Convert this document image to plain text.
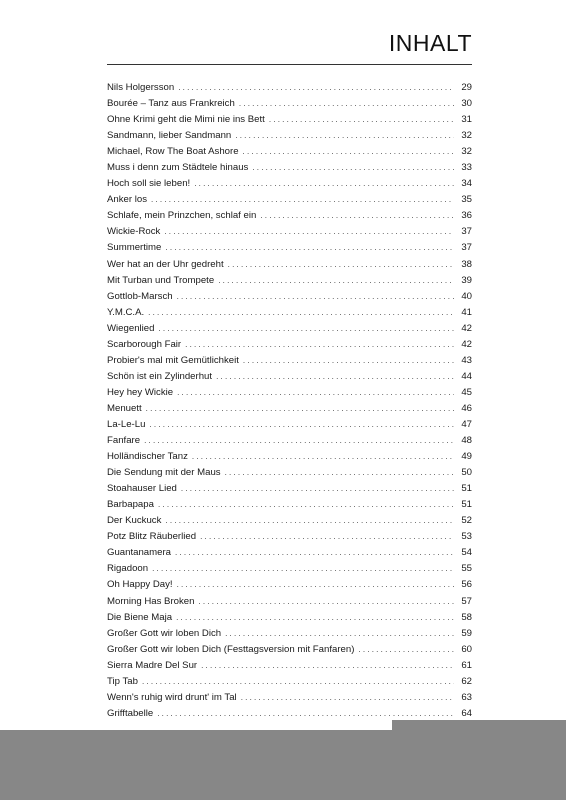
INHALT
Nils Holgersson . . .	29
Bourée – Tanz aus Frankreich . . .	30
Ohne Krimi geht die Mimi nie ins Bett . . .	31
Sandmann, lieber Sandmann . . .	32
Michael, Row The Boat Ashore . . .	32
Muss i denn zum Städtele hinaus . . .	33
Hoch soll sie leben! . . .	34
Anker los . . .	35
Schlafe, mein Prinzchen, schlaf ein . . .	36
Wickie-Rock . . .	37
Summertime . . .	37
Wer hat an der Uhr gedreht . . .	38
Mit Turban und Trompete . . .	39
Gottlob-Marsch . . .	40
Y.M.C.A. . . .	41
Wiegenlied . . .	42
Scarborough Fair . . .	42
Probier's mal mit Gemütlichkeit . . .	43
Schön ist ein Zylinderhut . . .	44
Hey hey Wickie . . .	45
Menuett . . .	46
La-Le-Lu . . .	47
Fanfare . . .	48
Holländischer Tanz . . .	49
Die Sendung mit der Maus . . .	50
Stoahauser Lied . . .	51
Barbapapa . . .	51
Der Kuckuck . . .	52
Potz Blitz Räuberlied . . .	53
Guantanamera . . .	54
Rigadoon . . .	55
Oh Happy Day! . . .	56
Morning Has Broken . . .	57
Die Biene Maja . . .	58
Großer Gott wir loben Dich . . .	59
Großer Gott wir loben Dich (Festtagsversion mit Fanfaren) . . .	60
Sierra Madre Del Sur . . .	61
Tip Tab . . .	62
Wenn's ruhig wird drunt' im Tal . . .	63
Grifftabelle . . .	64
